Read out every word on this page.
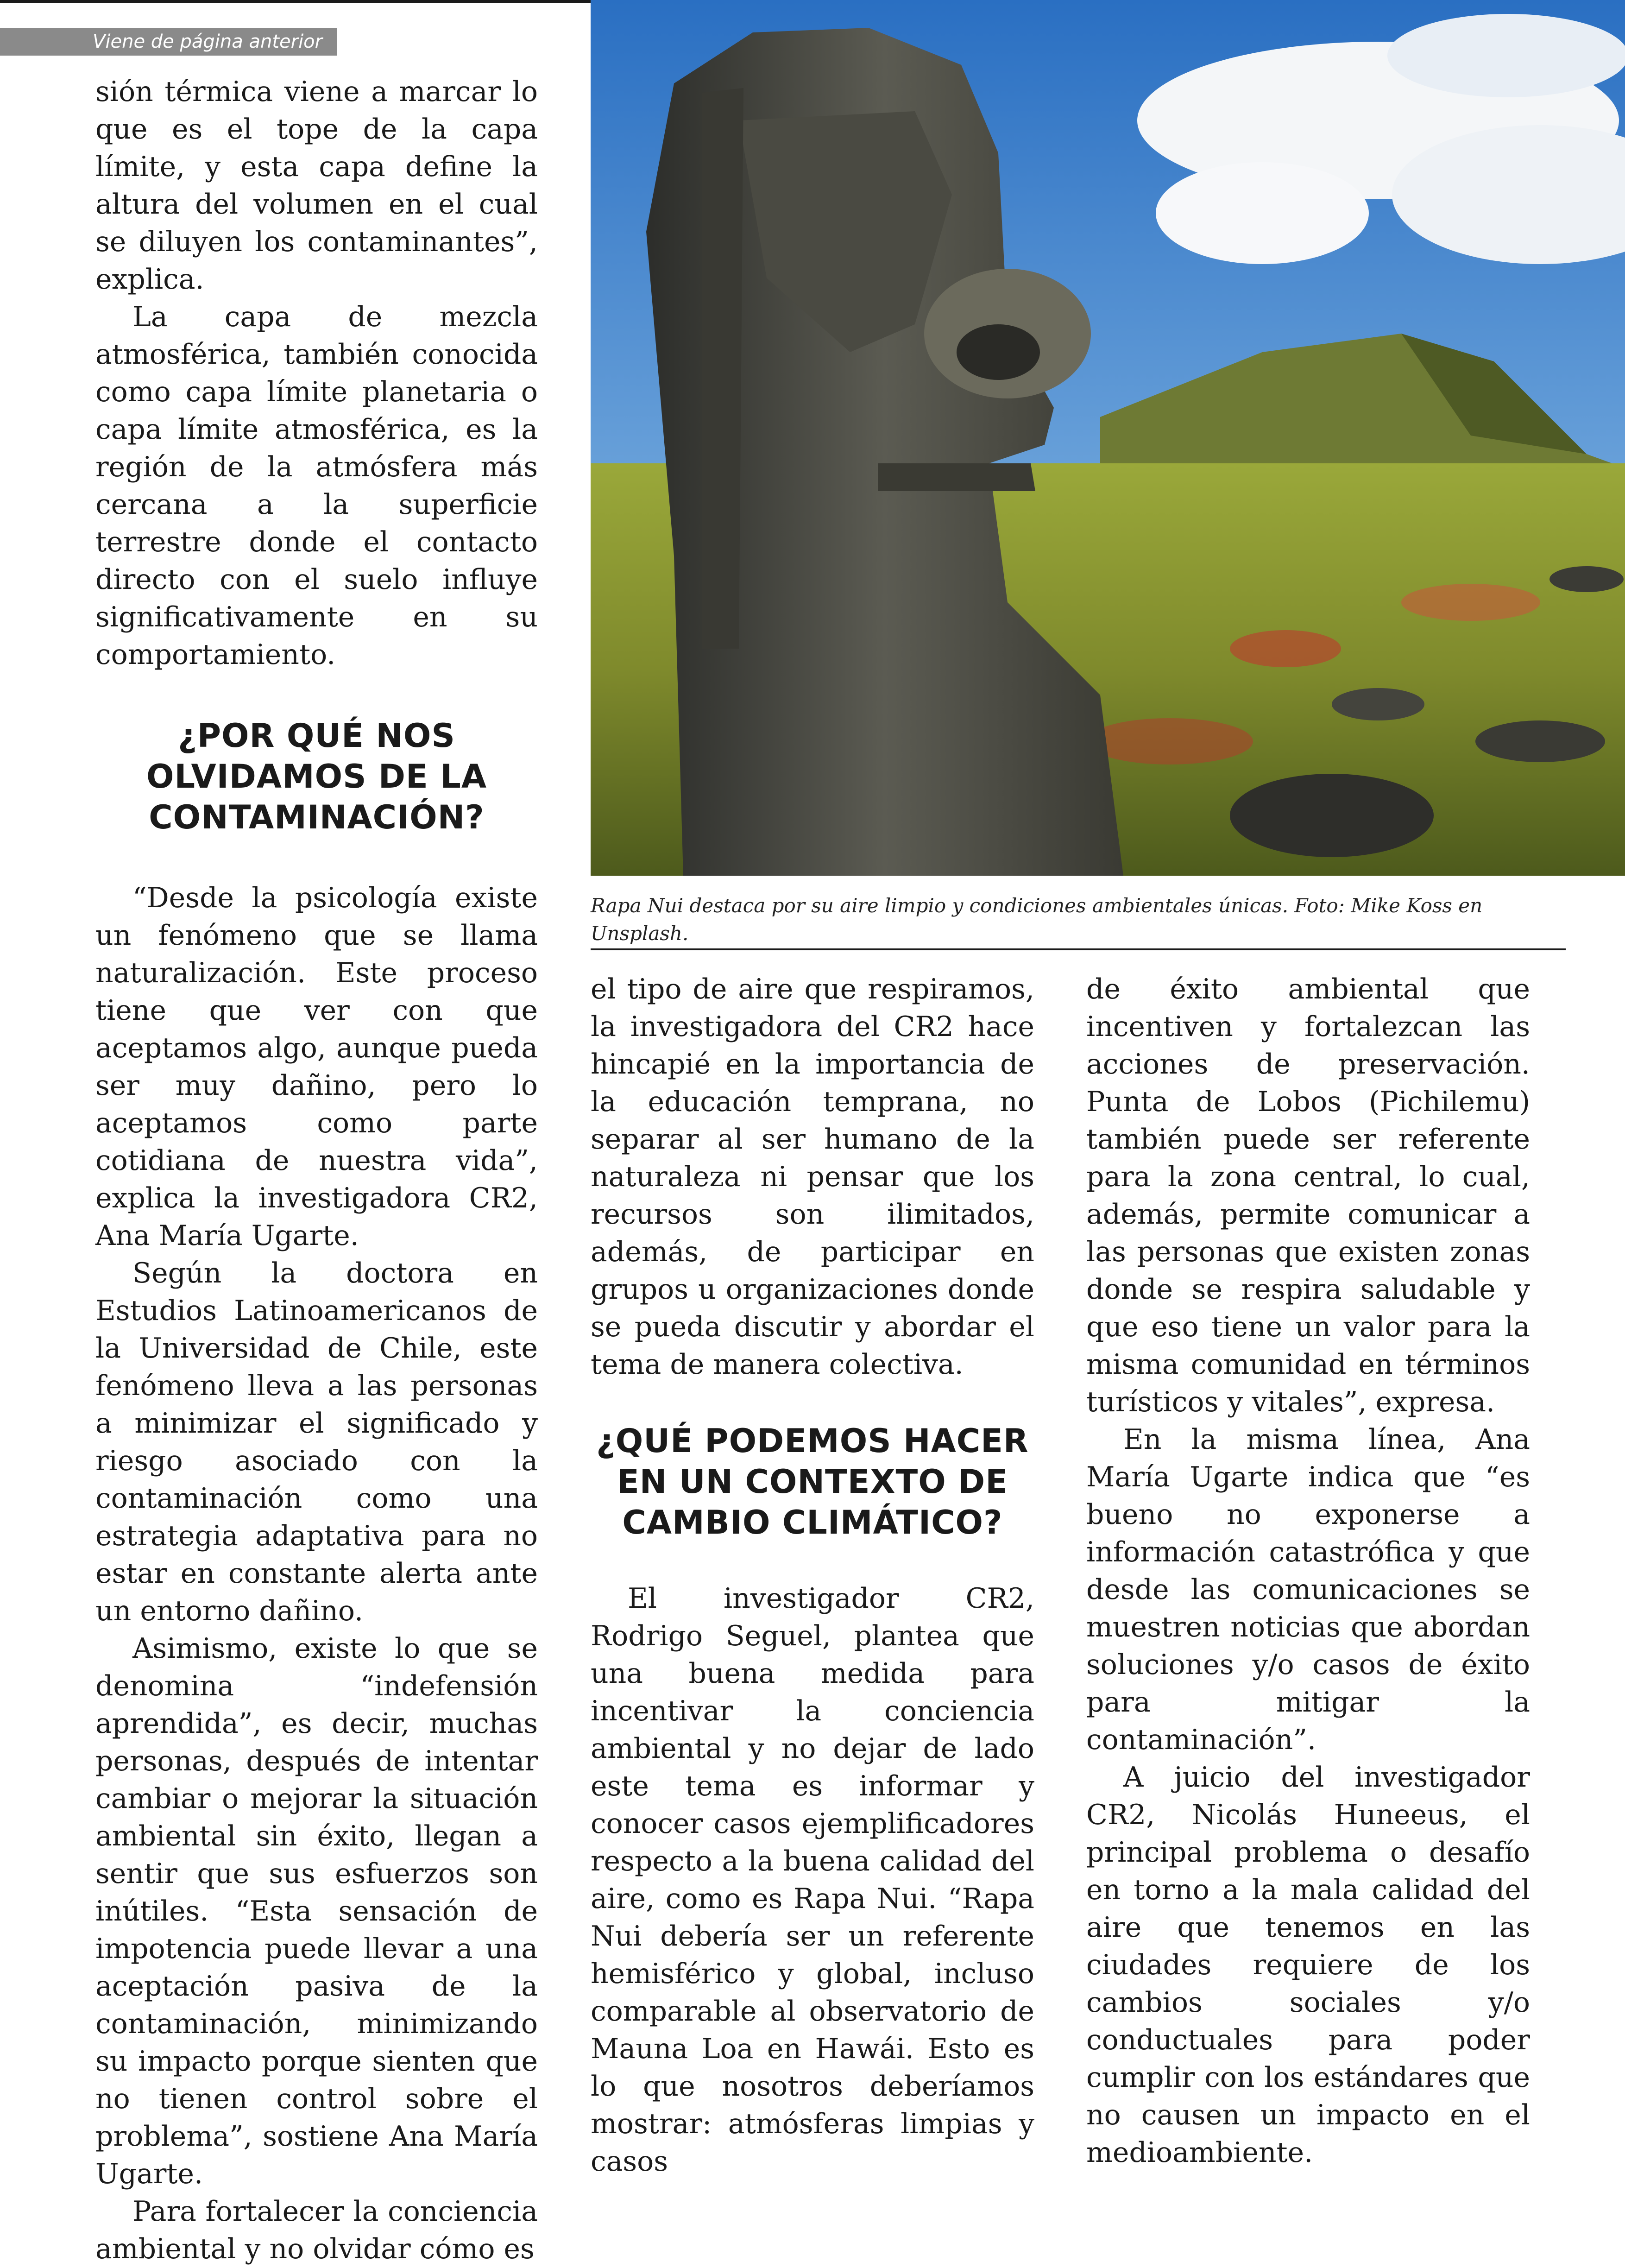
Viene de página anterior

sión térmica viene a marcar lo que es el tope de la capa límite, y esta capa define la altura del volumen en el cual se diluyen los contaminantes”, explica.

La capa de mezcla atmosférica, también conocida como capa límite planetaria o capa límite atmosférica, es la región de la atmósfera más cercana a la superficie terrestre donde el contacto directo con el suelo influye significativamente en su comportamiento.

¿POR QUÉ NOS OLVIDAMOS DE LA CONTAMINACIÓN?

“Desde la psicología existe un fenómeno que se llama naturalización. Este proceso tiene que ver con que aceptamos algo, aunque pueda ser muy dañino, pero lo aceptamos como parte cotidiana de nuestra vida”, explica la investigadora CR2, Ana María Ugarte.

Según la doctora en Estudios Latinoamericanos de la Universidad de Chile, este fenómeno lleva a las personas a minimizar el significado y riesgo asociado con la contaminación como una estrategia adaptativa para no estar en constante alerta ante un entorno dañino.

Asimismo, existe lo que se denomina “indefensión aprendida”, es decir, muchas personas, después de intentar cambiar o mejorar la situación ambiental sin éxito, llegan a sentir que sus esfuerzos son inútiles. “Esta sensación de impotencia puede llevar a una aceptación pasiva de la contaminación, minimizando su impacto porque sienten que no tienen control sobre el problema”, sostiene Ana María Ugarte.

Para fortalecer la conciencia ambiental y no olvidar cómo es

Rapa Nui destaca por su aire limpio y condiciones ambientales únicas. Foto: Mike Koss en Unsplash.

el tipo de aire que respiramos, la investigadora del CR2 hace hincapié en la importancia de la educación temprana, no separar al ser humano de la naturaleza ni pensar que los recursos son ilimitados, además, de participar en grupos u organizaciones donde se pueda discutir y abordar el tema de manera colectiva.

¿QUÉ PODEMOS HACER EN UN CONTEXTO DE CAMBIO CLIMÁTICO?

El investigador CR2, Rodrigo Seguel, plantea que una buena medida para incentivar la conciencia ambiental y no dejar de lado este tema es informar y conocer casos ejemplificadores respecto a la buena calidad del aire, como es Rapa Nui. “Rapa Nui debería ser un referente hemisférico y global, incluso comparable al observatorio de Mauna Loa en Hawái. Esto es lo que nosotros deberíamos mostrar: atmósferas limpias y casos

de éxito ambiental que incentiven y fortalezcan las acciones de preservación. Punta de Lobos (Pichilemu) también puede ser referente para la zona central, lo cual, además, permite comunicar a las personas que existen zonas donde se respira saludable y que eso tiene un valor para la misma comunidad en términos turísticos y vitales”, expresa.

En la misma línea, Ana María Ugarte indica que “es bueno no exponerse a información catastrófica y que desde las comunicaciones se muestren noticias que abordan soluciones y/o casos de éxito para mitigar la contaminación”.

A juicio del investigador CR2, Nicolás Huneeus, el principal problema o desafío en torno a la mala calidad del aire que tenemos en las ciudades requiere de los cambios sociales y/o conductuales para poder cumplir con los estándares que no causen un impacto en el medioambiente.
